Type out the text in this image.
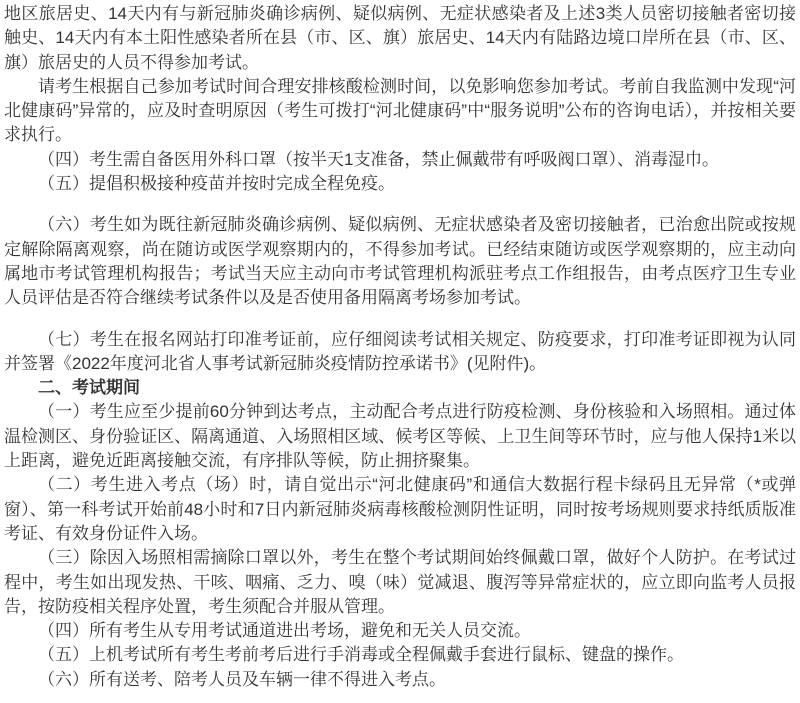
地区旅居史、14天内有与新冠肺炎确诊病例、疑似病例、无症状感染者及上述3类人员密切接触者密切接触史、14天内有本土阳性感染者所在县（市、区、旗）旅居史、14天内有陆路边境口岸所在县（市、区、旗）旅居史的人员不得参加考试。

请考生根据自己参加考试时间合理安排核酸检测时间，以免影响您参加考试。考前自我监测中发现“河北健康码”异常的，应及时查明原因（考生可拨打“河北健康码”中“服务说明”公布的咨询电话），并按相关要求执行。

（四）考生需自备医用外科口罩（按半天1支准备，禁止佩戴带有呼吸阀口罩）、消毒湿巾。

（五）提倡积极接种疫苗并按时完成全程免疫。

（六）考生如为既往新冠肺炎确诊病例、疑似病例、无症状感染者及密切接触者，已治愈出院或按规定解除隔离观察，尚在随访或医学观察期内的，不得参加考试。已经结束随访或医学观察期的，应主动向属地市考试管理机构报告；考试当天应主动向市考试管理机构派驻考点工作组报告，由考点医疗卫生专业人员评估是否符合继续考试条件以及是否使用备用隔离考场参加考试。

（七）考生在报名网站打印准考证前，应仔细阅读考试相关规定、防疫要求，打印准考证即视为认同并签署《2022年度河北省人事考试新冠肺炎疫情防控承诺书》(见附件)。

二、考试期间

（一）考生应至少提前60分钟到达考点，主动配合考点进行防疫检测、身份核验和入场照相。通过体温检测区、身份验证区、隔离通道、入场照相区域、候考区等候、上卫生间等环节时，应与他人保持1米以上距离，避免近距离接触交流，有序排队等候，防止拥挤聚集。

（二）考生进入考点（场）时，请自觉出示“河北健康码”和通信大数据行程卡绿码且无异常（*或弹窗）、第一科考试开始前48小时和7日内新冠肺炎病毒核酸检测阴性证明，同时按考场规则要求持纸质版准考证、有效身份证件入场。

（三）除因入场照相需摘除口罩以外，考生在整个考试期间始终佩戴口罩，做好个人防护。在考试过程中，考生如出现发热、干咳、咽痛、乏力、嗅（味）觉减退、腹泻等异常症状的，应立即向监考人员报告，按防疫相关程序处置，考生须配合并服从管理。

（四）所有考生从专用考试通道进出考场，避免和无关人员交流。

（五）上机考试所有考生考前考后进行手消毒或全程佩戴手套进行鼠标、键盘的操作。

（六）所有送考、陪考人员及车辆一律不得进入考点。
